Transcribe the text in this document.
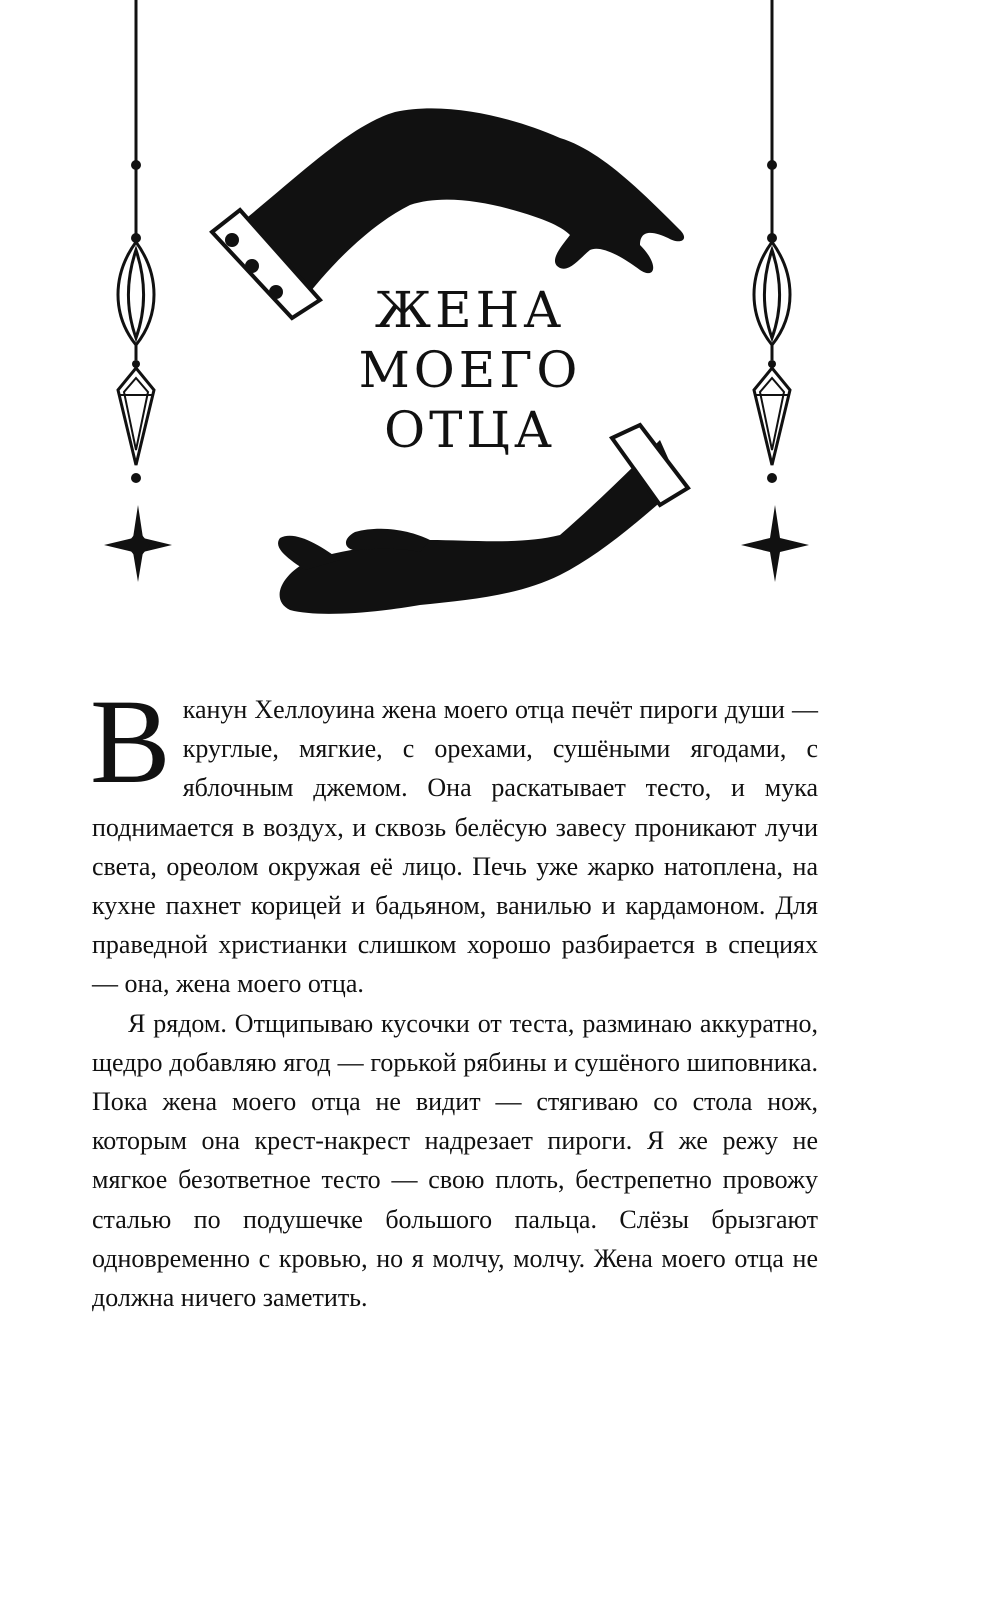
ЖЕНА
МОЕГО
ОТЦА

В канун Хеллоуина жена моего отца печёт пироги души — круглые, мягкие, с орехами, сушёными ягодами, с яблочным джемом. Она раскатывает тесто, и мука поднимается в воздух, и сквозь белёсую завесу проникают лучи света, ореолом окружая её лицо. Печь уже жарко натоплена, на кухне пахнет корицей и бадьяном, ванилью и кардамоном. Для праведной христианки слишком хорошо разбирается в специях — она, жена моего отца.

Я рядом. Отщипываю кусочки от теста, разминаю аккуратно, щедро добавляю ягод — горькой рябины и сушёного шиповника. Пока жена моего отца не видит — стягиваю со стола нож, которым она крест-накрест надрезает пироги. Я же режу не мягкое безответное тесто — свою плоть, бестрепетно провожу сталью по подушечке большого пальца. Слёзы брызгают одновременно с кровью, но я молчу, молчу. Жена моего отца не должна ничего заметить.
